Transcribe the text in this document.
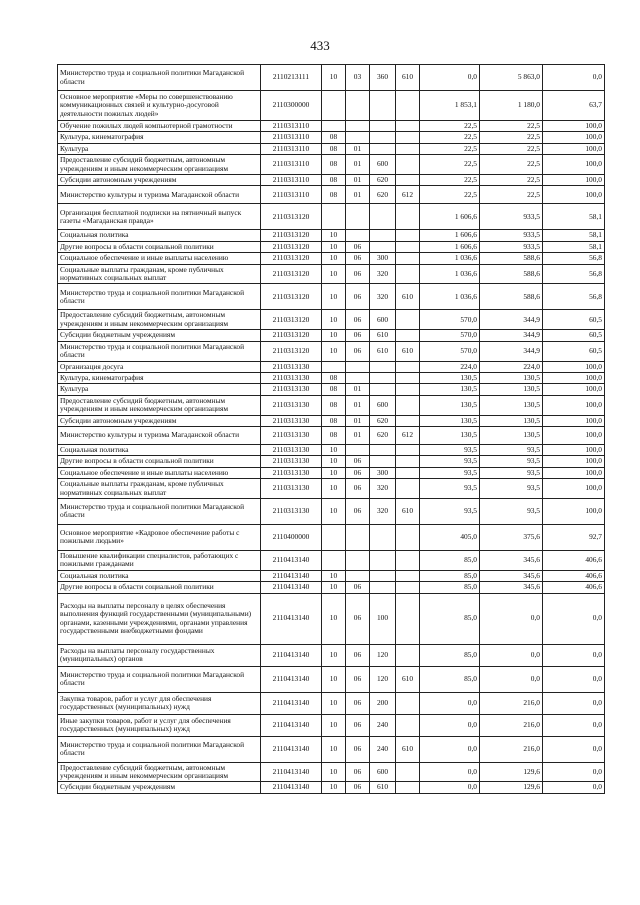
433
Министерство труда и социальной политики Магаданской области	2110213111	10	03	360	610	0,0	5 863,0	0,0
Основное мероприятие «Меры по совершенствованию коммуникационных связей и культурно-досуговой деятельности пожилых людей»	2110300000					1 853,1	1 180,0	63,7
Обучение пожилых людей компьютерной грамотности	2110313110					22,5	22,5	100,0
Культура, кинематография	2110313110	08				22,5	22,5	100,0
Культура	2110313110	08	01			22,5	22,5	100,0
Предоставление субсидий бюджетным, автономным учреждениям и иным некоммерческим организациям	2110313110	08	01	600		22,5	22,5	100,0
Субсидии автономным учреждениям	2110313110	08	01	620		22,5	22,5	100,0
Министерство культуры и туризма Магаданской области	2110313110	08	01	620	612	22,5	22,5	100,0
Организация бесплатной подписки на пятничный выпуск газеты «Магаданская правда»	2110313120					1 606,6	933,5	58,1
Социальная политика	2110313120	10				1 606,6	933,5	58,1
Другие вопросы в области социальной политики	2110313120	10	06			1 606,6	933,5	58,1
Социальное обеспечение и иные выплаты населению	2110313120	10	06	300		1 036,6	588,6	56,8
Социальные выплаты гражданам, кроме публичных нормативных социальных выплат	2110313120	10	06	320		1 036,6	588,6	56,8
Министерство труда и социальной политики Магаданской области	2110313120	10	06	320	610	1 036,6	588,6	56,8
Предоставление субсидий бюджетным, автономным учреждениям и иным некоммерческим организациям	2110313120	10	06	600		570,0	344,9	60,5
Субсидии бюджетным учреждениям	2110313120	10	06	610		570,0	344,9	60,5
Министерство труда и социальной политики Магаданской области	2110313120	10	06	610	610	570,0	344,9	60,5
Организация досуга	2110313130					224,0	224,0	100,0
Культура, кинематография	2110313130	08				130,5	130,5	100,0
Культура	2110313130	08	01			130,5	130,5	100,0
Предоставление субсидий бюджетным, автономным учреждениям и иным некоммерческим организациям	2110313130	08	01	600		130,5	130,5	100,0
Субсидии автономным учреждениям	2110313130	08	01	620		130,5	130,5	100,0
Министерство культуры и туризма Магаданской области	2110313130	08	01	620	612	130,5	130,5	100,0
Социальная политика	2110313130	10				93,5	93,5	100,0
Другие вопросы в области социальной политики	2110313130	10	06			93,5	93,5	100,0
Социальное обеспечение и иные выплаты населению	2110313130	10	06	300		93,5	93,5	100,0
Социальные выплаты гражданам, кроме публичных нормативных социальных выплат	2110313130	10	06	320		93,5	93,5	100,0
Министерство труда и социальной политики Магаданской области	2110313130	10	06	320	610	93,5	93,5	100,0
Основное мероприятие «Кадровое обеспечение работы с пожилыми людьми»	2110400000					405,0	375,6	92,7
Повышение квалификации специалистов, работающих с пожилыми гражданами	2110413140					85,0	345,6	406,6
Социальная политика	2110413140	10				85,0	345,6	406,6
Другие вопросы в области социальной политики	2110413140	10	06			85,0	345,6	406,6
Расходы на выплаты персоналу в целях обеспечения выполнения функций государственными (муниципальными) органами, казенными учреждениями, органами управления государственными внебюджетными фондами	2110413140	10	06	100		85,0	0,0	0,0
Расходы на выплаты персоналу государственных (муниципальных) органов	2110413140	10	06	120		85,0	0,0	0,0
Министерство труда и социальной политики Магаданской области	2110413140	10	06	120	610	85,0	0,0	0,0
Закупка товаров, работ и услуг для обеспечения государственных (муниципальных) нужд	2110413140	10	06	200		0,0	216,0	0,0
Иные закупки товаров, работ и услуг для обеспечения государственных (муниципальных) нужд	2110413140	10	06	240		0,0	216,0	0,0
Министерство труда и социальной политики Магаданской области	2110413140	10	06	240	610	0,0	216,0	0,0
Предоставление субсидий бюджетным, автономным учреждениям и иным некоммерческим организациям	2110413140	10	06	600		0,0	129,6	0,0
Субсидии бюджетным учреждениям	2110413140	10	06	610		0,0	129,6	0,0
